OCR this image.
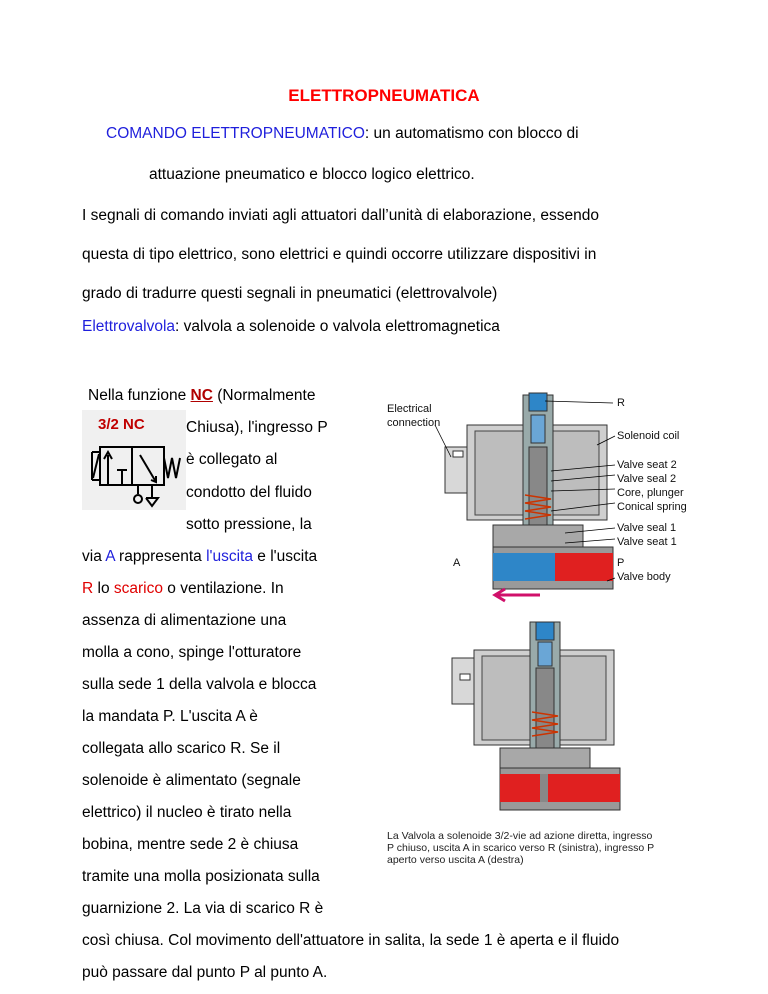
ELETTROPNEUMATICA
COMANDO ELETTROPNEUMATICO: un automatismo con blocco di
attuazione pneumatico e blocco logico elettrico.
I segnali di comando inviati agli attuatori dall’unità di elaborazione, essendo
questa di tipo elettrico, sono elettrici e quindi occorre utilizzare dispositivi in
grado di tradurre questi segnali in pneumatici (elettrovalvole)
Elettrovalvola: valvola a solenoide o valvola elettromagnetica
Nella funzione NC (Normalmente
Chiusa), l'ingresso P
è collegato al
condotto del fluido
sotto pressione, la
via A rappresenta l'uscita e l'uscita
R lo scarico o ventilazione. In
assenza di alimentazione una
molla a cono, spinge l'otturatore
sulla sede 1 della valvola e blocca
la mandata P. L'uscita A è
collegata allo scarico R. Se il
solenoide è alimentato (segnale
elettrico) il nucleo è tirato nella
bobina, mentre sede 2 è chiusa
tramite una molla posizionata sulla
guarnizione 2. La via di scarico R è
così chiusa. Col movimento dell'attuatore in salita, la sede 1 è aperta e il fluido
può passare dal punto P al punto A.
3/2 NC
Electrical
connection
R
Solenoid coil
Valve seat 2
Valve seal 2
Core, plunger
Conical spring
Valve seal 1
Valve seat 1
A	P
Valve body
La Valvola a solenoide 3/2-vie ad azione diretta, ingresso
P chiuso, uscita A in scarico verso R (sinistra), ingresso P
aperto verso uscita A (destra)
